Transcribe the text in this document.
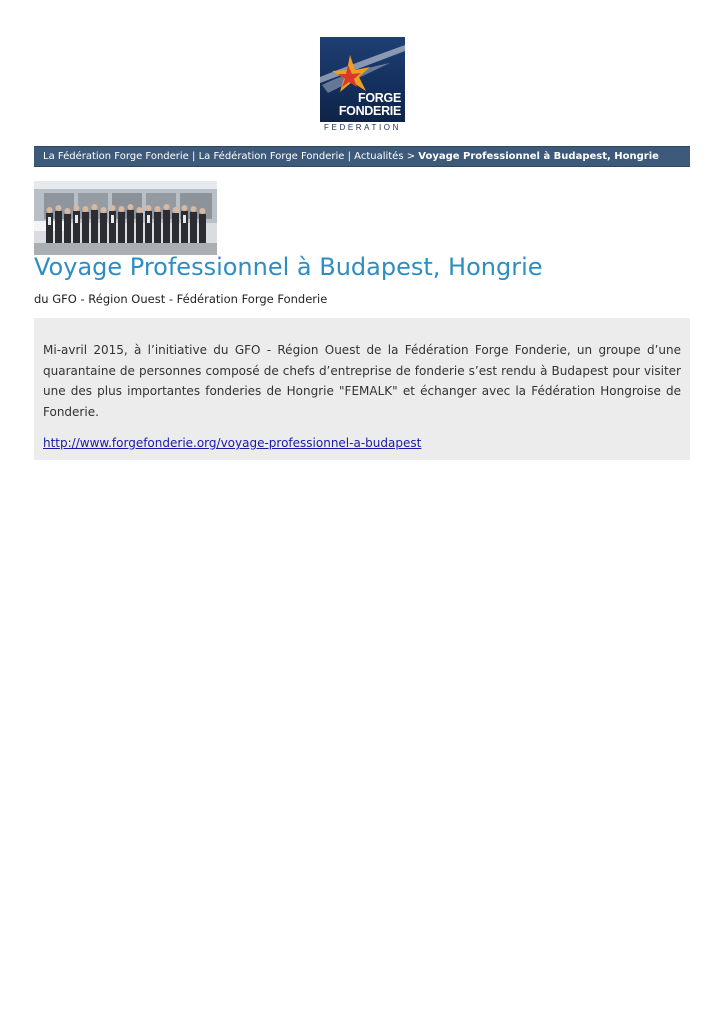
FORGE
FONDERIE
FEDERATION
La Fédération Forge Fonderie | La Fédération Forge Fonderie | Actualités > Voyage Professionnel à Budapest, Hongrie
Voyage Professionnel à Budapest, Hongrie
du GFO - Région Ouest - Fédération Forge Fonderie

Mi-avril 2015, à l’initiative du GFO - Région Ouest de la Fédération Forge Fonderie, un groupe d’une quarantaine de personnes composé de chefs d’entreprise de fonderie s’est rendu à Budapest pour visiter une des plus importantes fonderies de Hongrie "FEMALK" et échanger avec la Fédération Hongroise de Fonderie.

http://www.forgefonderie.org/voyage-professionnel-a-budapest
